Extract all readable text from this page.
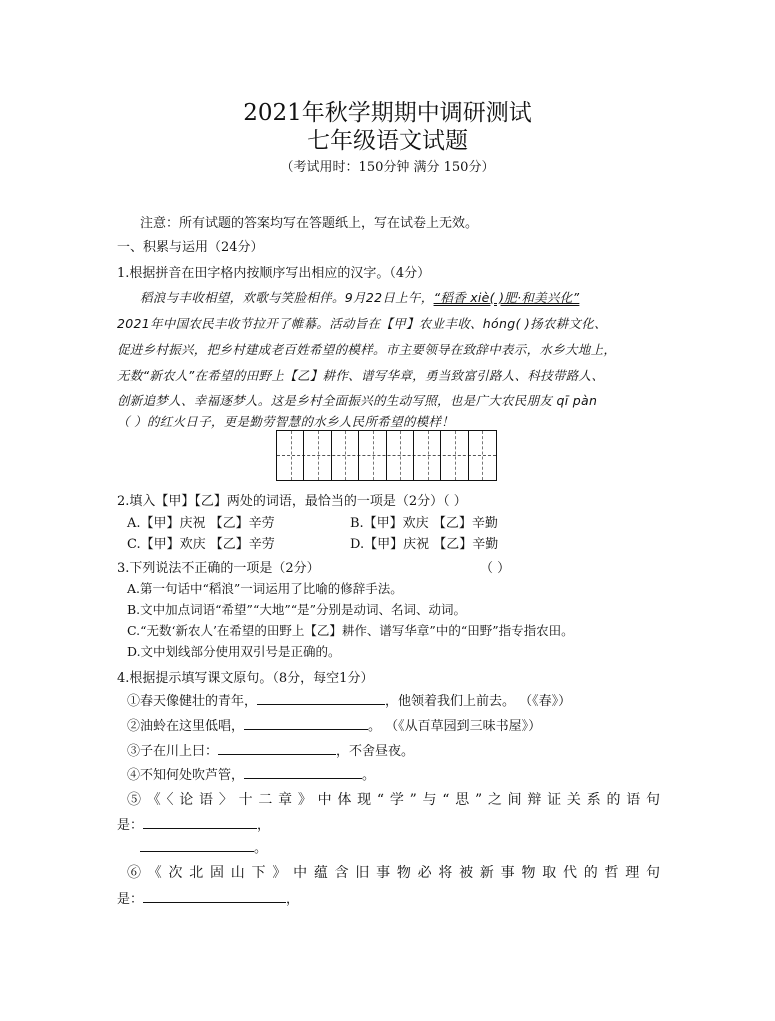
2021年秋学期期中调研测试
七年级语文试题
（考试用时：150分钟 满分 150分）
注意：所有试题的答案均写在答题纸上，写在试卷上无效。
一、积累与运用（24分）
1.根据拼音在田字格内按顺序写出相应的汉字。（4分）
稻浪与丰收相望，欢歌与笑脸相伴。9月22日上午，“稻香 xiè( )肥·和美兴化”
2021年中国农民丰收节拉开了帷幕。活动旨在【甲】农业丰收、hóng( )扬农耕文化、
促进乡村振兴，把乡村建成老百姓希望的模样。市主要领导在致辞中表示，水乡大地上，
无数“新农人”在希望的田野上【乙】耕作、谱写华章，勇当致富引路人、科技带路人、
创新追梦人、幸福逐梦人。这是乡村全面振兴的生动写照，也是广大农民朋友 qī pàn
（ ）的红火日子，更是勤劳智慧的水乡人民所希望的模样！
2.填入【甲】【乙】两处的词语，最恰当的一项是（2分）（ ）
A.【甲】庆祝 【乙】辛劳	B.【甲】欢庆 【乙】辛勤
C.【甲】欢庆 【乙】辛劳	D.【甲】庆祝 【乙】辛勤
3.下列说法不正确的一项是（2分）	（ ）
A.第一句话中“稻浪”一词运用了比喻的修辞手法。
B.文中加点词语“希望”“大地”“是”分别是动词、名词、动词。
C.“无数‘新农人’在希望的田野上【乙】耕作、谱写华章”中的“田野”指专指农田。
D.文中划线部分使用双引号是正确的。
4.根据提示填写课文原句。（8分，每空1分）
①春天像健壮的青年，	，他领着我们上前去。 （《春》）
②油蛉在这里低唱，	。 （《从百草园到三味书屋》）
③子在川上曰：	，不舍昼夜。
④不知何处吹芦管，	。
⑤《〈论语〉十二章》中体现“学”与“思”之间辩证关系的语句
是：	，
。
⑥《次北固山下》中蕴含旧事物必将被新事物取代的哲理句
是：	，
